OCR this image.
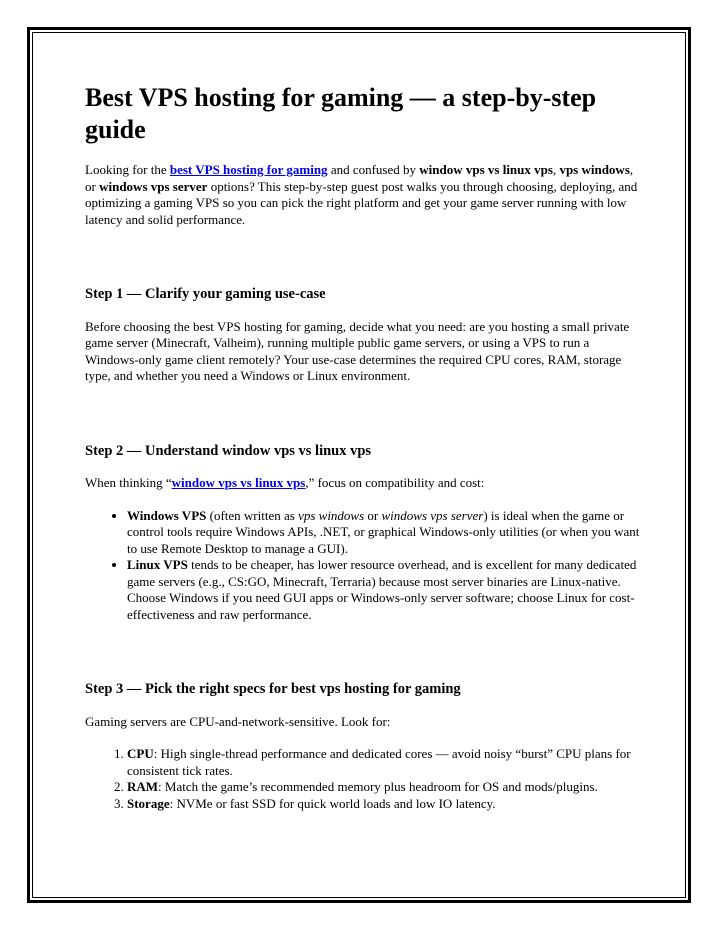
Best VPS hosting for gaming — a step-by-step guide

Looking for the best VPS hosting for gaming and confused by window vps vs linux vps, vps windows, or windows vps server options? This step-by-step guest post walks you through choosing, deploying, and optimizing a gaming VPS so you can pick the right platform and get your game server running with low latency and solid performance.

Step 1 — Clarify your gaming use-case

Before choosing the best VPS hosting for gaming, decide what you need: are you hosting a small private game server (Minecraft, Valheim), running multiple public game servers, or using a VPS to run a Windows-only game client remotely? Your use-case determines the required CPU cores, RAM, storage type, and whether you need a Windows or Linux environment.

Step 2 — Understand window vps vs linux vps

When thinking “window vps vs linux vps,” focus on compatibility and cost:

• Windows VPS (often written as vps windows or windows vps server) is ideal when the game or control tools require Windows APIs, .NET, or graphical Windows-only utilities (or when you want to use Remote Desktop to manage a GUI).
• Linux VPS tends to be cheaper, has lower resource overhead, and is excellent for many dedicated game servers (e.g., CS:GO, Minecraft, Terraria) because most server binaries are Linux-native.
Choose Windows if you need GUI apps or Windows-only server software; choose Linux for cost-effectiveness and raw performance.
Step 3 — Pick the right specs for best vps hosting for gaming

Gaming servers are CPU-and-network-sensitive. Look for:

1. CPU: High single-thread performance and dedicated cores — avoid noisy “burst” CPU plans for consistent tick rates.
2. RAM: Match the game’s recommended memory plus headroom for OS and mods/plugins.
3. Storage: NVMe or fast SSD for quick world loads and low IO latency.
